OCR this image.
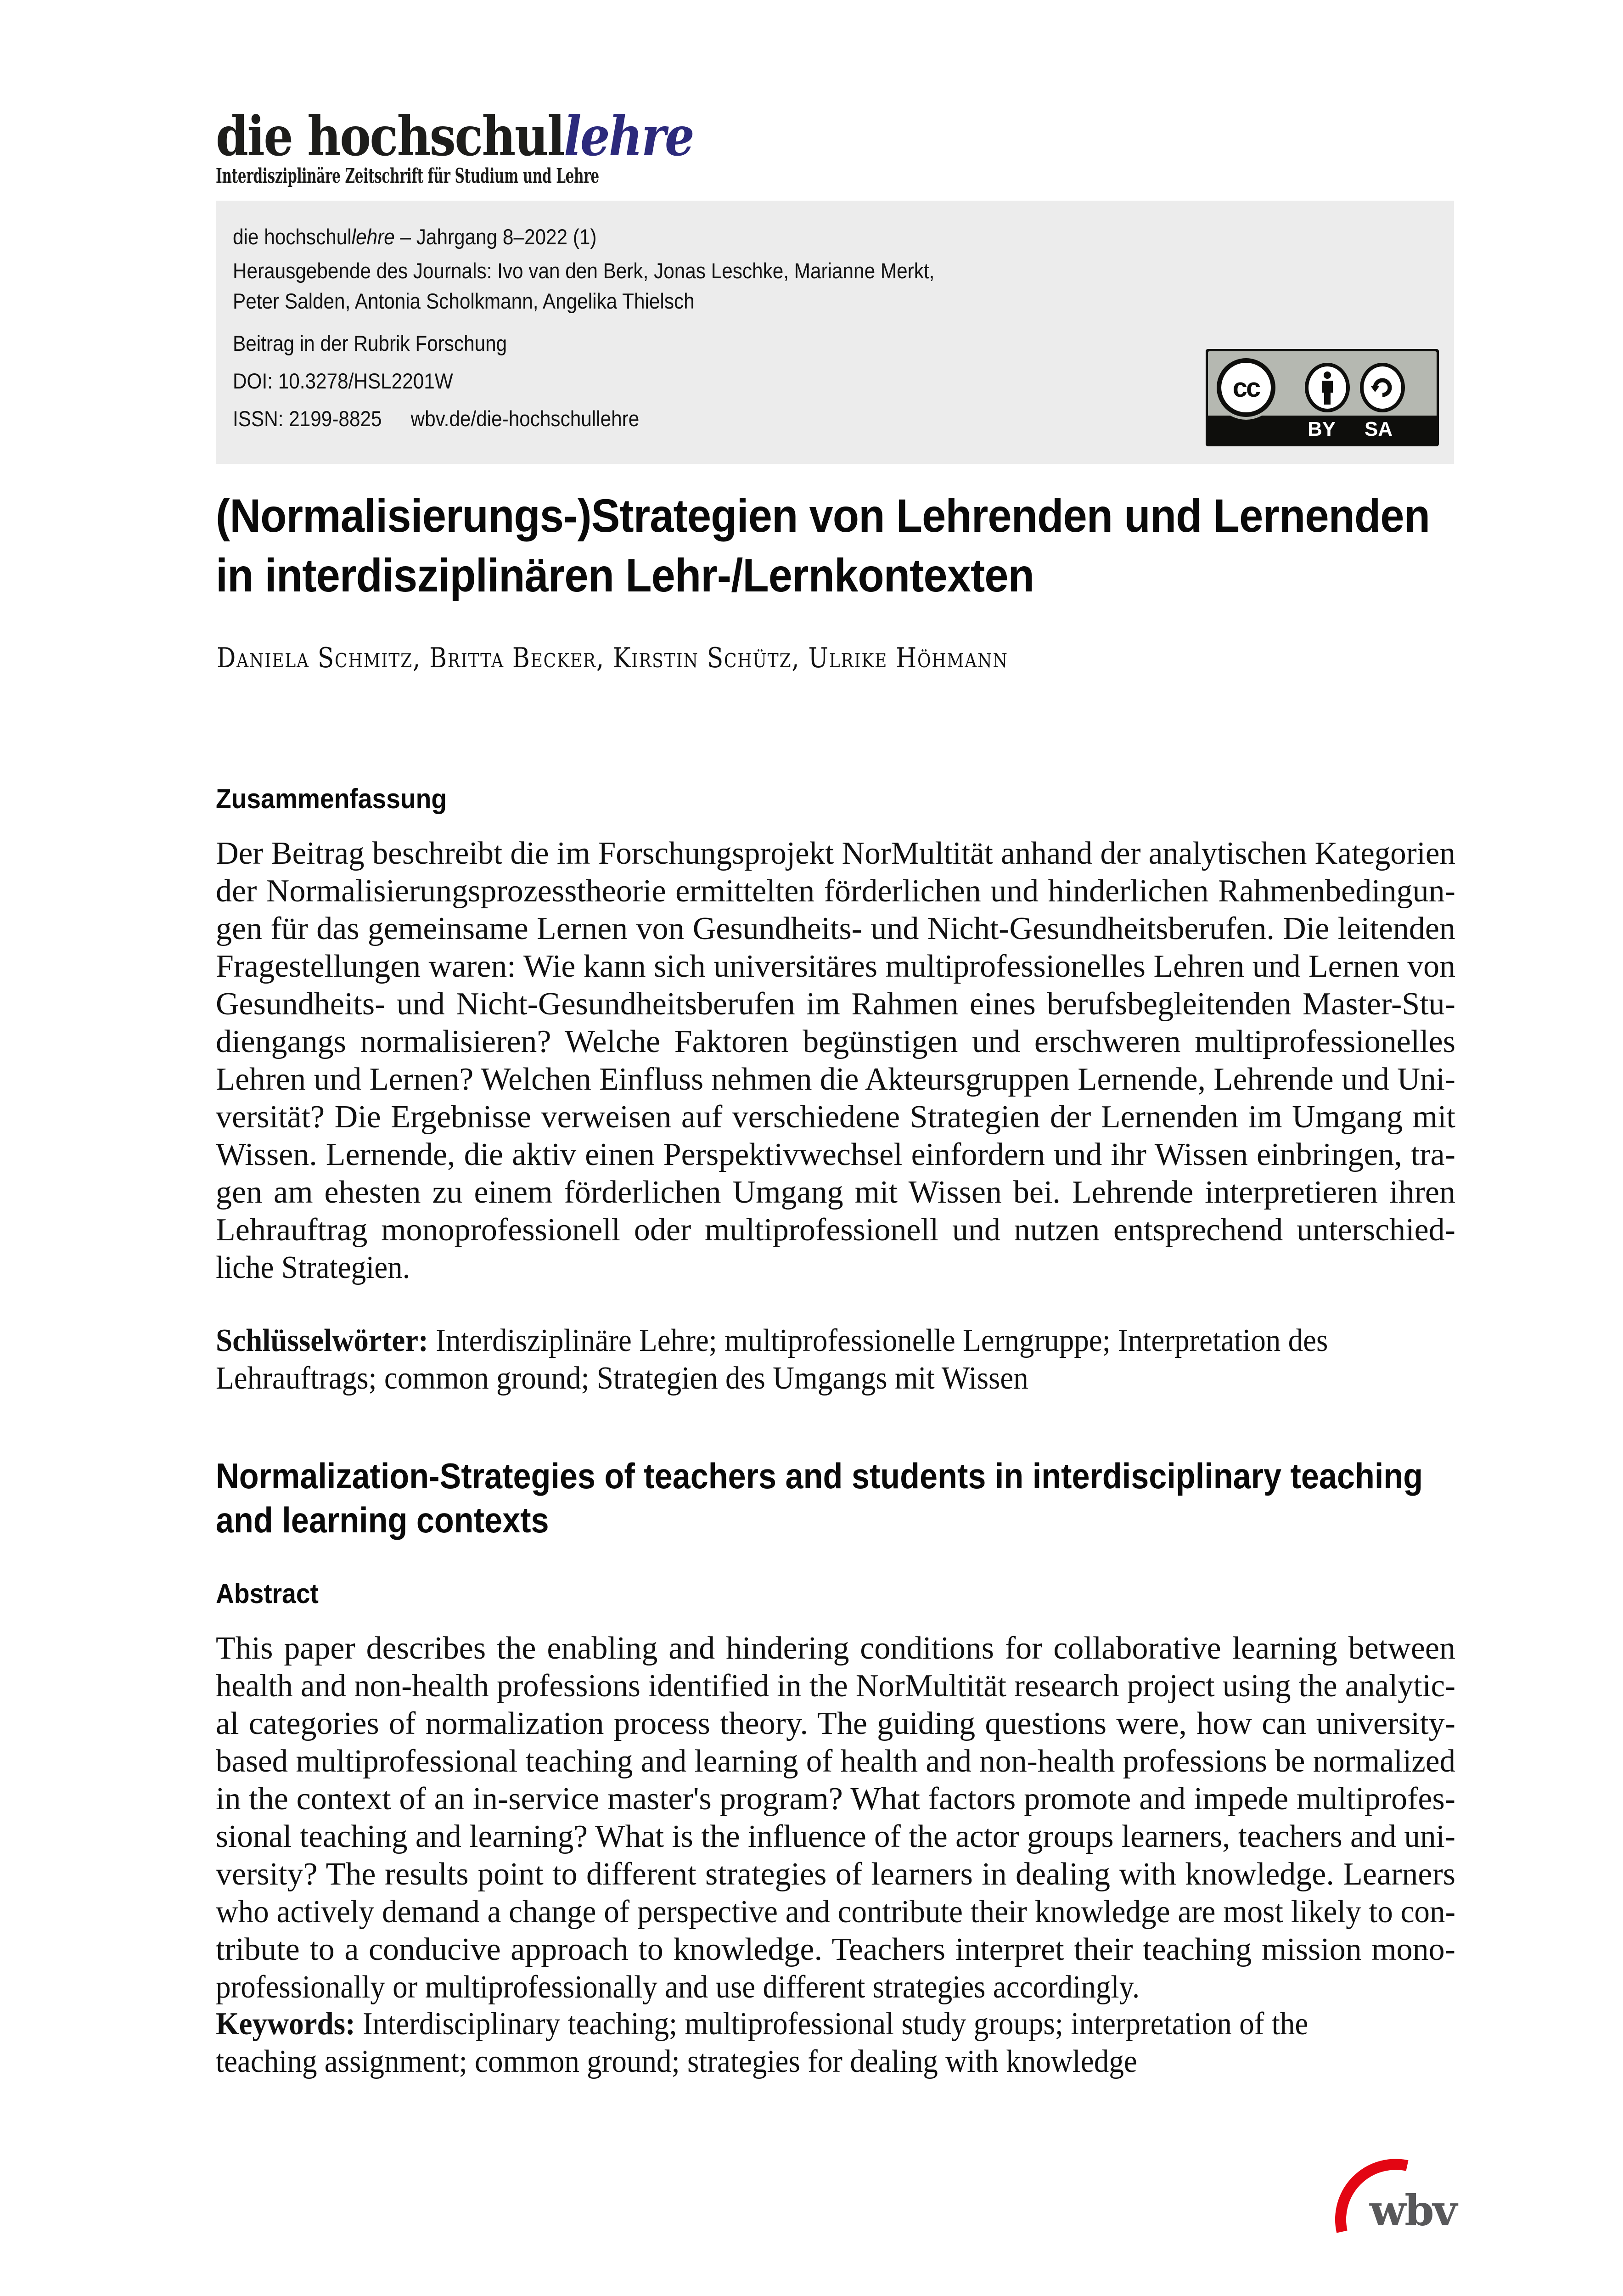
die hochschullehre
Interdisziplinäre Zeitschrift für Studium und Lehre
die hochschullehre – Jahrgang 8–2022 (1)
Herausgebende des Journals: Ivo van den Berk, Jonas Leschke, Marianne Merkt,
Peter Salden, Antonia Scholkmann, Angelika Thielsch
Beitrag in der Rubrik Forschung
DOI: 10.3278/HSL2201W
ISSN: 2199-8825 wbv.de/die-hochschullehre
cc
BY SA
(Normalisierungs-)Strategien von Lehrenden und Lernenden
in interdisziplinären Lehr-/Lernkontexten
Daniela Schmitz, Britta Becker, Kirstin Schütz, Ulrike Höhmann
Zusammenfassung
Der Beitrag beschreibt die im Forschungsprojekt NorMultität anhand der analytischen Kategorien
der Normalisierungsprozesstheorie ermittelten förderlichen und hinderlichen Rahmenbedingun-
gen für das gemeinsame Lernen von Gesundheits- und Nicht-Gesundheitsberufen. Die leitenden
Fragestellungen waren: Wie kann sich universitäres multiprofessionelles Lehren und Lernen von
Gesundheits- und Nicht-Gesundheitsberufen im Rahmen eines berufsbegleitenden Master-Stu-
diengangs normalisieren? Welche Faktoren begünstigen und erschweren multiprofessionelles
Lehren und Lernen? Welchen Einfluss nehmen die Akteursgruppen Lernende, Lehrende und Uni-
versität? Die Ergebnisse verweisen auf verschiedene Strategien der Lernenden im Umgang mit
Wissen. Lernende, die aktiv einen Perspektivwechsel einfordern und ihr Wissen einbringen, tra-
gen am ehesten zu einem förderlichen Umgang mit Wissen bei. Lehrende interpretieren ihren
Lehrauftrag monoprofessionell oder multiprofessionell und nutzen entsprechend unterschied-
liche Strategien.
Schlüsselwörter: Interdisziplinäre Lehre; multiprofessionelle Lerngruppe; Interpretation des
Lehrauftrags; common ground; Strategien des Umgangs mit Wissen
Normalization-Strategies of teachers and students in interdisciplinary teaching
and learning contexts
Abstract
This paper describes the enabling and hindering conditions for collaborative learning between
health and non-health professions identified in the NorMultität research project using the analytic-
al categories of normalization process theory. The guiding questions were, how can university-
based multiprofessional teaching and learning of health and non-health professions be normalized
in the context of an in-service master's program? What factors promote and impede multiprofes-
sional teaching and learning? What is the influence of the actor groups learners, teachers and uni-
versity? The results point to different strategies of learners in dealing with knowledge. Learners
who actively demand a change of perspective and contribute their knowledge are most likely to con-
tribute to a conducive approach to knowledge. Teachers interpret their teaching mission mono-
professionally or multiprofessionally and use different strategies accordingly.
Keywords: Interdisciplinary teaching; multiprofessional study groups; interpretation of the
teaching assignment; common ground; strategies for dealing with knowledge
wbv
